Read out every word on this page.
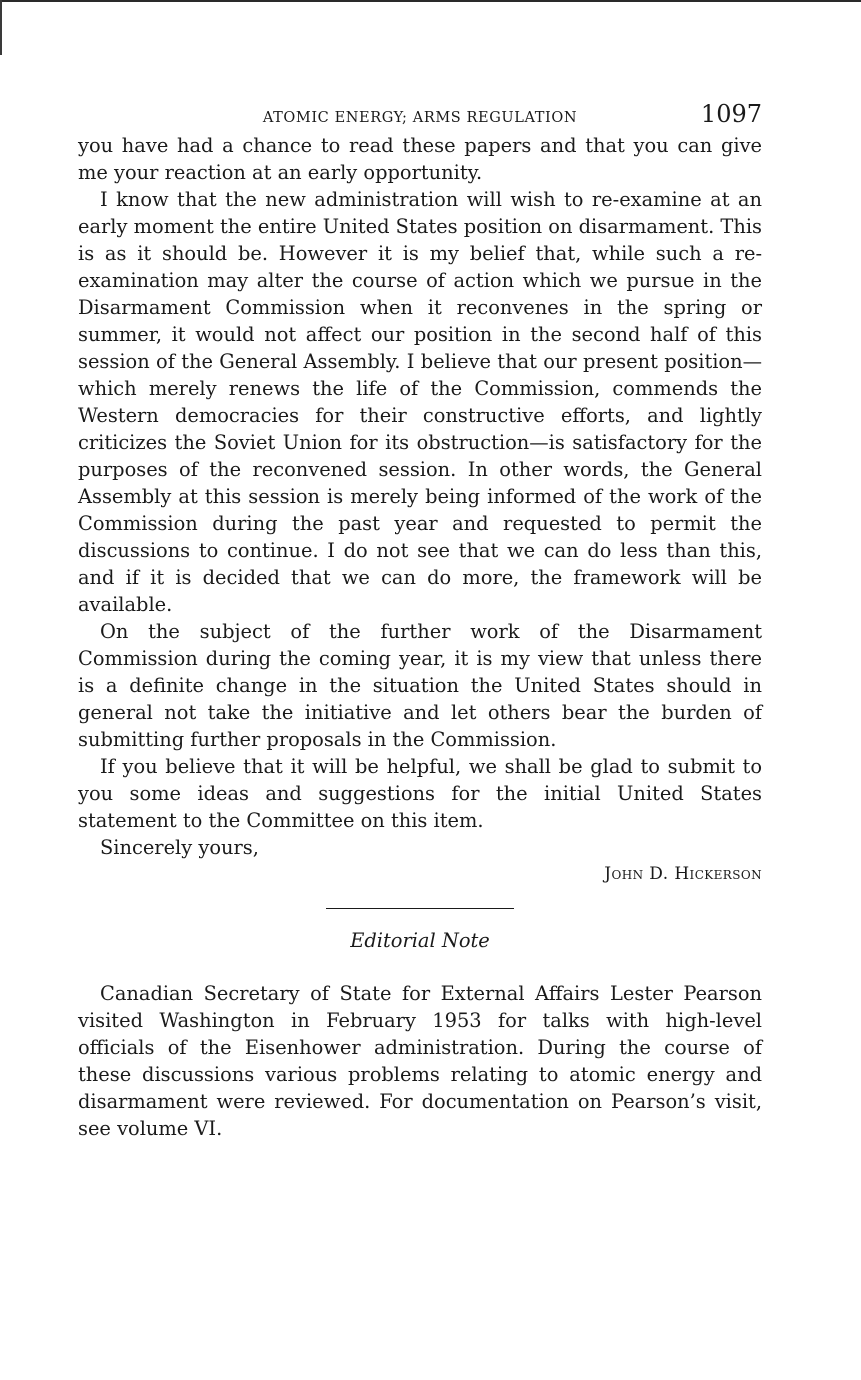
ATOMIC ENERGY; ARMS REGULATION	1097

you have had a chance to read these papers and that you can give me your reaction at an early opportunity.

I know that the new administration will wish to re-examine at an early moment the entire United States position on disarmament. This is as it should be. However it is my belief that, while such a re-examination may alter the course of action which we pursue in the Disarmament Commission when it reconvenes in the spring or summer, it would not affect our position in the second half of this session of the General Assembly. I believe that our present position—which merely renews the life of the Commission, commends the Western democracies for their constructive efforts, and lightly criticizes the Soviet Union for its obstruction—is satisfactory for the purposes of the reconvened session. In other words, the General Assembly at this session is merely being informed of the work of the Commission during the past year and requested to permit the discussions to continue. I do not see that we can do less than this, and if it is decided that we can do more, the framework will be available.

On the subject of the further work of the Disarmament Commission during the coming year, it is my view that unless there is a definite change in the situation the United States should in general not take the initiative and let others bear the burden of submitting further proposals in the Commission.

If you believe that it will be helpful, we shall be glad to submit to you some ideas and suggestions for the initial United States statement to the Committee on this item.

Sincerely yours,

John D. Hickerson

Editorial Note

Canadian Secretary of State for External Affairs Lester Pearson visited Washington in February 1953 for talks with high-level officials of the Eisenhower administration. During the course of these discussions various problems relating to atomic energy and disarmament were reviewed. For documentation on Pearson’s visit, see volume VI.
